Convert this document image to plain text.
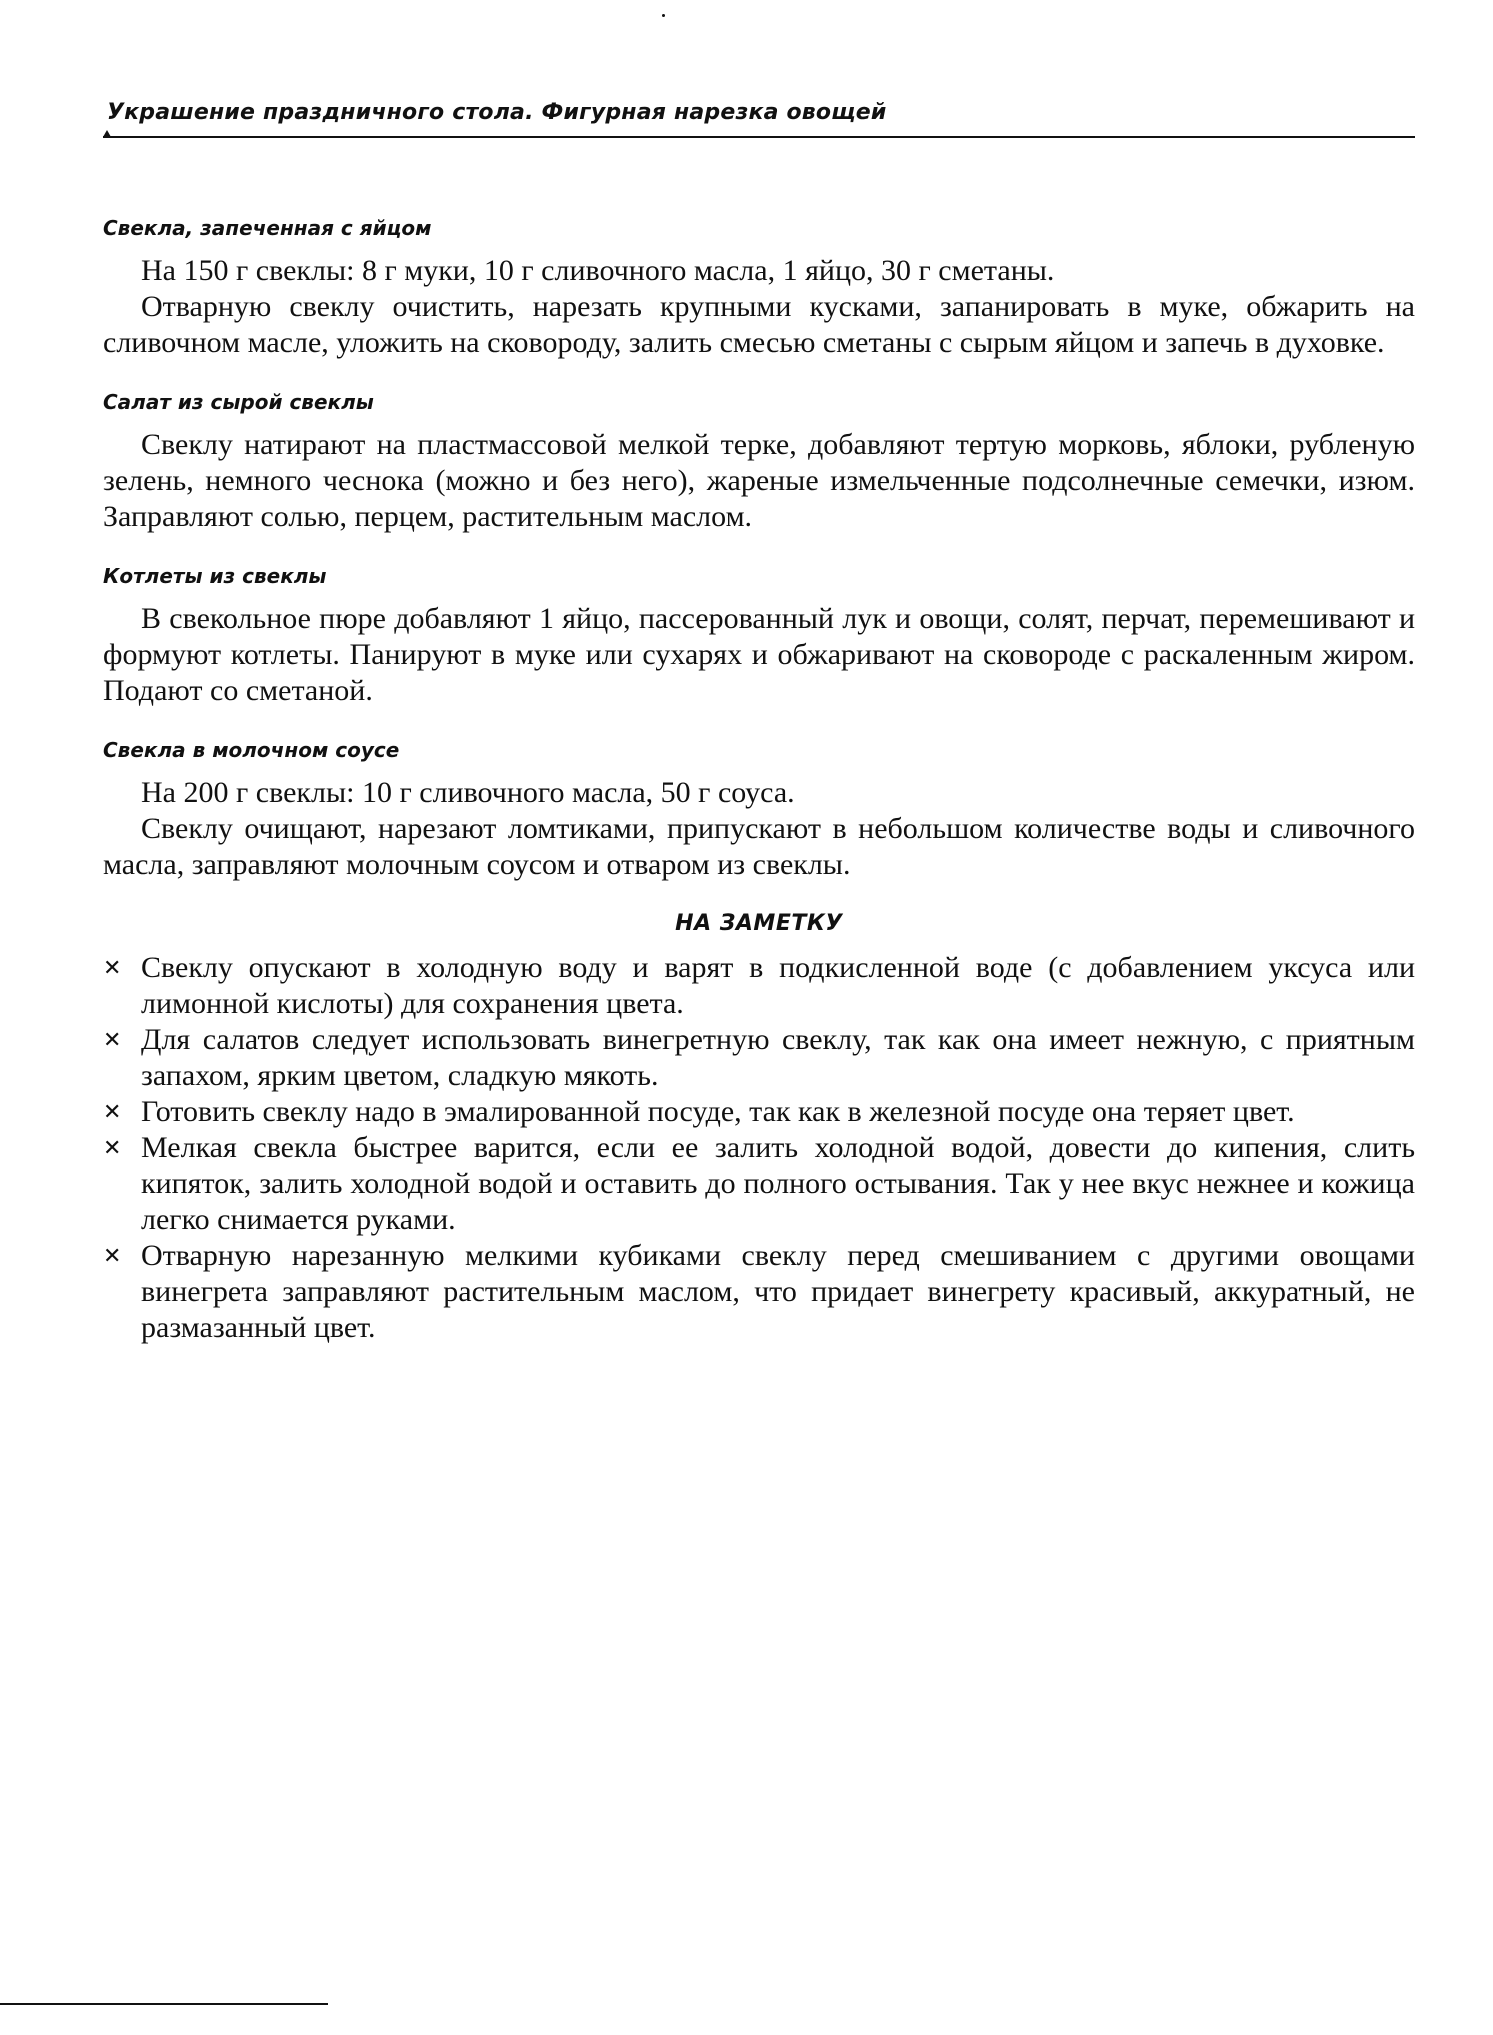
Украшение праздничного стола. Фигурная нарезка овощей
Свекла, запеченная с яйцом

На 150 г свеклы: 8 г муки, 10 г сливочного масла, 1 яйцо, 30 г сметаны.

Отварную свеклу очистить, нарезать крупными кусками, запанировать в муке, обжарить на сливочном масле, уложить на сковороду, залить смесью сметаны с сырым яйцом и запечь в духовке.

Салат из сырой свеклы

Свеклу натирают на пластмассовой мелкой терке, добавляют тертую морковь, яблоки, рубленую зелень, немного чеснока (можно и без него), жареные измельченные подсолнечные семечки, изюм. Заправляют солью, перцем, растительным маслом.

Котлеты из свеклы

В свекольное пюре добавляют 1 яйцо, пассерованный лук и овощи, солят, перчат, перемешивают и формуют котлеты. Панируют в муке или сухарях и обжаривают на сковороде с раскаленным жиром. Подают со сметаной.

Свекла в молочном соусе

На 200 г свеклы: 10 г сливочного масла, 50 г соуса.

Свеклу очищают, нарезают ломтиками, припускают в небольшом количестве воды и сливочного масла, заправляют молочным соусом и отваром из свеклы.

НА ЗАМЕТКУ
✕ Свеклу опускают в холодную воду и варят в подкисленной воде (с добавлением уксуса или лимонной кислоты) для сохранения цвета.
✕ Для салатов следует использовать винегретную свеклу, так как она имеет нежную, с приятным запахом, ярким цветом, сладкую мякоть.
✕ Готовить свеклу надо в эмалированной посуде, так как в железной посуде она теряет цвет.
✕ Мелкая свекла быстрее варится, если ее залить холодной водой, довести до кипения, слить кипяток, залить холодной водой и оставить до полного остывания. Так у нее вкус нежнее и кожица легко снимается руками.
✕ Отварную нарезанную мелкими кубиками свеклу перед смешиванием с другими овощами винегрета заправляют растительным маслом, что придает винегрету красивый, аккуратный, не размазанный цвет.
